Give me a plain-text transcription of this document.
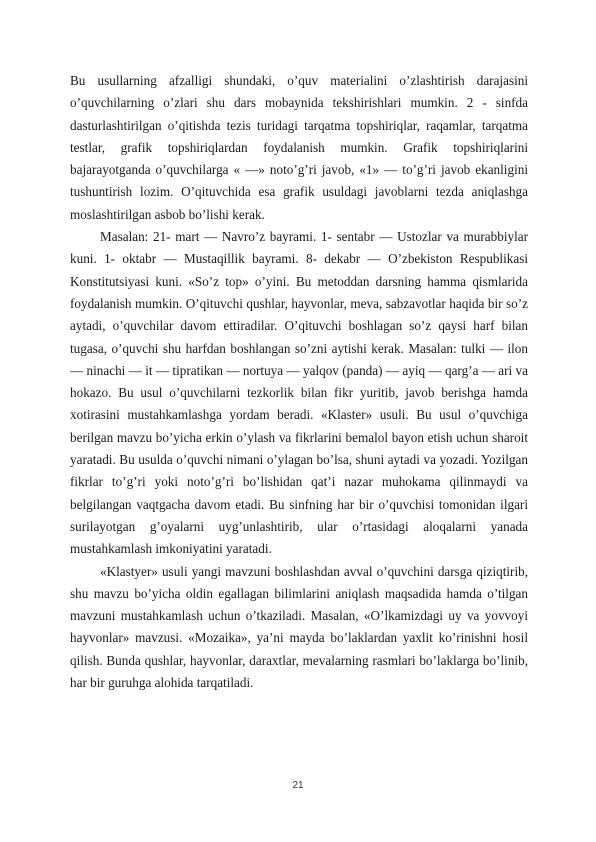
Bu usullarning afzalligi shundaki, o’quv materialini o’zlashtirish darajasini o’quvchilarning o’zlari shu dars mobaynida tekshirishlari mumkin. 2 - sinfda dasturlashtirilgan o’qitishda tezis turidagi tarqatma topshiriqlar, raqamlar, tarqatma testlar, grafik topshiriqlardan foydalanish mumkin. Grafik topshiriqlarini bajarayotganda o’quvchilarga « —» noto’g’ri javob, «1» — to’g’ri javob ekanligini tushuntirish lozim. O’qituvchida esa grafik usuldagi javoblarni tezda aniqlashga moslashtirilgan asbob bo’lishi kerak.

Masalan: 21- mart — Navro’z bayrami. 1- sentabr — Ustozlar va murabbiylar kuni. 1- oktabr — Mustaqillik bayrami. 8- dekabr — O’zbekiston Respublikasi Konstitutsiyasi kuni. «So’z top» o’yini. Bu metoddan darsning hamma qismlarida foydalanish mumkin. O’qituvchi qushlar, hayvonlar, meva, sabzavotlar haqida bir so’z aytadi, o’quvchilar davom ettiradilar. O’qituvchi boshlagan so’z qaysi harf bilan tugasa, o’quvchi shu harfdan boshlangan so’zni aytishi kerak. Masalan: tulki — ilon — ninachi — it — tipratikan — nortuya — yalqov (panda) — ayiq — qarg’a — ari va hokazo. Bu usul o’quvchilarni tezkorlik bilan fikr yuritib, javob berishga hamda xotirasini mustahkamlashga yordam beradi. «Klaster» usuli. Bu usul o’quvchiga berilgan mavzu bo’yicha erkin o’ylash va fikrlarini bemalol bayon etish uchun sharoit yaratadi. Bu usulda o’quvchi nimani o’ylagan bo’lsa, shuni aytadi va yozadi. Yozilgan fikrlar to’g’ri yoki noto’g’ri bo’lishidan qat’i nazar muhokama qilinmaydi va belgilangan vaqtgacha davom etadi. Bu sinfning har bir o’quvchisi tomonidan ilgari surilayotgan g’oyalarni uyg’unlashtirib, ular o’rtasidagi aloqalarni yanada mustahkamlash imkoniyatini yaratadi.

«Klastyer» usuli yangi mavzuni boshlashdan avval o’quvchini darsga qiziqtirib, shu mavzu bo’yicha oldin egallagan bilimlarini aniqlash maqsadida hamda o’tilgan mavzuni mustahkamlash uchun o’tkaziladi. Masalan, «O’lkamizdagi uy va yovvoyi hayvonlar» mavzusi. «Mozaika», ya’ni mayda bo’laklardan yaxlit ko’rinishni hosil qilish. Bunda qushlar, hayvonlar, daraxtlar, mevalarning rasmlari bo’laklarga bo’linib, har bir guruhga alohida tarqatiladi.

21
